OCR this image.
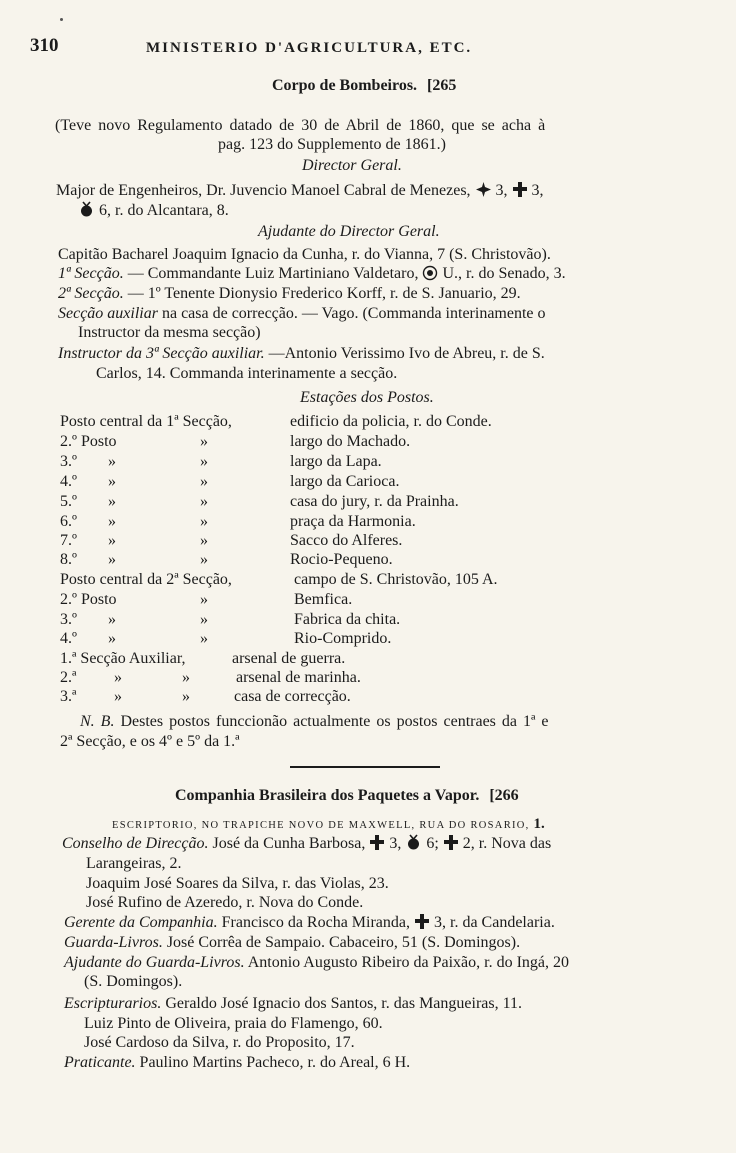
310	MINISTERIO D'AGRICULTURA, ETC.
Corpo de Bombeiros. [265
(Teve novo Regulamento datado de 30 de Abril de 1860, que se acha à
pag. 123 do Supplemento de 1861.)
Director Geral.
Major de Engenheiros, Dr. Juvencio Manoel Cabral de Menezes, 3, 3,
6, r. do Alcantara, 8.
Ajudante do Director Geral.
Capitão Bacharel Joaquim Ignacio da Cunha, r. do Vianna, 7 (S. Christovão).
1ª Secção. — Commandante Luiz Martiniano Valdetaro, U., r. do Senado, 3.
2ª Secção. — 1º Tenente Dionysio Frederico Korff, r. de S. Januario, 29.
Secção auxiliar na casa de correcção. — Vago. (Commanda interinamente o
Instructor da mesma secção)
Instructor da 3ª Secção auxiliar. —Antonio Verissimo Ivo de Abreu, r. de S.
Carlos, 14. Commanda interinamente a secção.
Estações dos Postos.
Posto central da 1ª Secção,	edificio da policia, r. do Conde.
2.º Posto	»	largo do Machado.
3.º »	»	largo da Lapa.
4.º »	»	largo da Carioca.
5.º »	»	casa do jury, r. da Prainha.
6.º »	»	praça da Harmonia.
7.º »	»	Sacco do Alferes.
8.º »	»	Rocio-Pequeno.
Posto central da 2ª Secção,	campo de S. Christovão, 105 A.
2.º Posto	»	Bemfica.
3.º »	»	Fabrica da chita.
4.º »	»	Rio-Comprido.
1.ª Secção Auxiliar,	arsenal de guerra.
2.ª »	»	arsenal de marinha.
3.ª »	»	casa de correcção.
N. B. Destes postos funccionão actualmente os postos centraes da 1ª e
2ª Secção, e os 4º e 5º da 1.ª
Companhia Brasileira dos Paquetes a Vapor. [266
ESCRIPTORIO, NO TRAPICHE NOVO DE MAXWELL, RUA DO ROSARIO, 1.
Conselho de Direcção. José da Cunha Barbosa, 3, 6; 2, r. Nova das
Larangeiras, 2.
Joaquim José Soares da Silva, r. das Violas, 23.
José Rufino de Azeredo, r. Nova do Conde.
Gerente da Companhia. Francisco da Rocha Miranda, 3, r. da Candelaria.
Guarda-Livros. José Corrêa de Sampaio. Cabaceiro, 51 (S. Domingos).
Ajudante do Guarda-Livros. Antonio Augusto Ribeiro da Paixão, r. do Ingá, 20
(S. Domingos).
Escripturarios. Geraldo José Ignacio dos Santos, r. das Mangueiras, 11.
Luiz Pinto de Oliveira, praia do Flamengo, 60.
José Cardoso da Silva, r. do Proposito, 17.
Praticante. Paulino Martins Pacheco, r. do Areal, 6 H.
